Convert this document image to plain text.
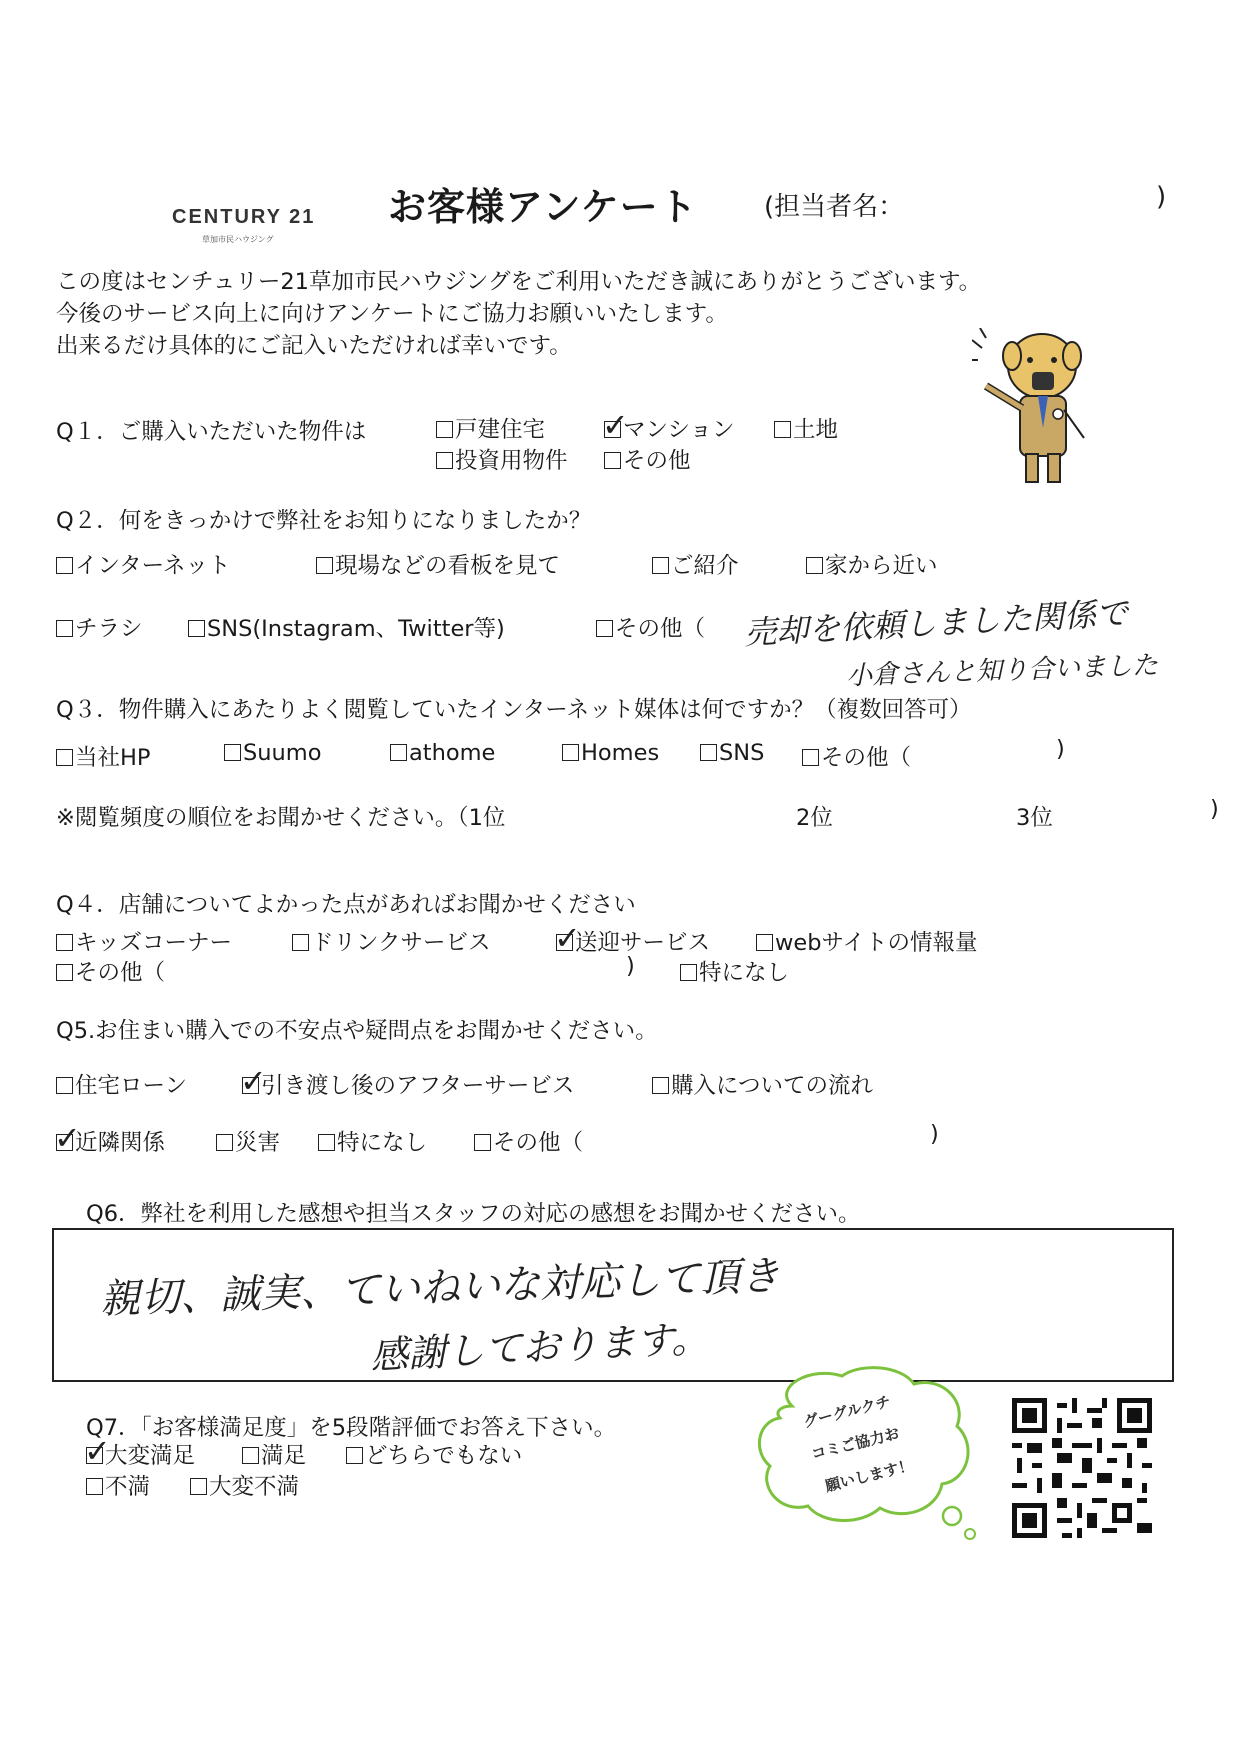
CENTURY 21
草加市民ハウジング
お客様アンケート	(担当者名：	)
この度はセンチュリー21草加市民ハウジングをご利用いただき誠にありがとうございます。
今後のサービス向上に向けアンケートにご協力お願いいたします。
出来るだけ具体的にご記入いただければ幸いです。
Q１．ご購入いただいた物件は	戸建住宅 ✓
マンション	土地
投資用物件	その他
Q２．何をきっかけで弊社をお知りになりましたか？
インターネット	現場などの看板を見て	ご紹介	家から近い
チラシ	SNS(Instagram、Twitter等)	その他（ 売却を依頼しました関係で
小倉さんと知り合いました
Q３．物件購入にあたりよく閲覧していたインターネット媒体は何ですか？（複数回答可）
当社HP	Suumo	athome	Homes	SNS	その他（	)
※閲覧頻度の順位をお聞かせください。（1位	2位	3位	)
Q４．店舗についてよかった点があればお聞かせください
キッズコーナー	ドリンクサービス ✓
送迎サービス	webサイトの情報量
その他（	)	特になし
Q5.お住まい購入での不安点や疑問点をお聞かせください。
住宅ローン ✓
引き渡し後のアフターサービス	購入についての流れ
✓
近隣関係	災害	特になし	その他（	)
Q6．弊社を利用した感想や担当スタッフの対応の感想をお聞かせください。
親切、誠実、ていねいな対応して頂き
感謝しております。
Q7．「お客様満足度」を5段階評価でお答え下さい。
✓
大変満足	満足	どちらでもない
不満	大変不満
グーグルクチ
コミご協力お
願いします！
